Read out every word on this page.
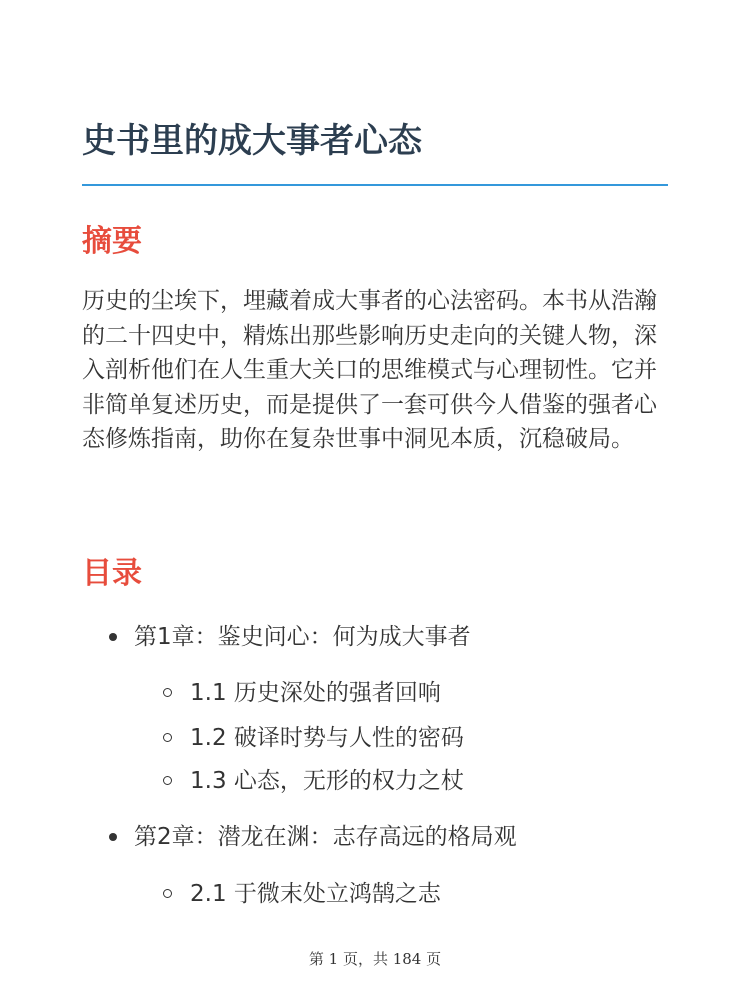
史书里的成大事者心态
摘要

历史的尘埃下，埋藏着成大事者的心法密码。本书从浩瀚的二十四史中，精炼出那些影响历史走向的关键人物，深入剖析他们在人生重大关口的思维模式与心理韧性。它并非简单复述历史，而是提供了一套可供今人借鉴的强者心态修炼指南，助你在复杂世事中洞见本质，沉稳破局。

目录
第1章：鉴史问心：何为成大事者
1.1 历史深处的强者回响
1.2 破译时势与人性的密码
1.3 心态，无形的权力之杖
第2章：潜龙在渊：志存高远的格局观
2.1 于微末处立鸿鹄之志
第 1 页，共 184 页
